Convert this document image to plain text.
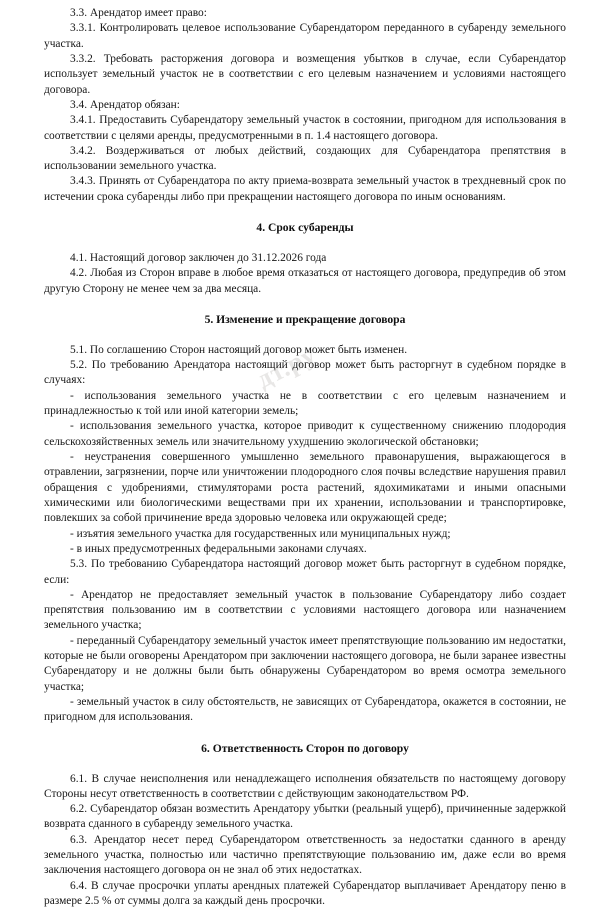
дт.ру

3.3. Арендатор имеет право:

3.3.1. Контролировать целевое использование Субарендатором переданного в субаренду земельного участка.

3.3.2. Требовать расторжения договора и возмещения убытков в случае, если Субарендатор использует земельный участок не в соответствии с его целевым назначением и условиями настоящего договора.

3.4. Арендатор обязан:

3.4.1. Предоставить Субарендатору земельный участок в состоянии, пригодном для использования в соответствии с целями аренды, предусмотренными в п. 1.4 настоящего договора.

3.4.2. Воздерживаться от любых действий, создающих для Субарендатора препятствия в использовании земельного участка.

3.4.3. Принять от Субарендатора по акту приема-возврата земельный участок в трехдневный срок по истечении срока субаренды либо при прекращении настоящего договора по иным основаниям.

4. Срок субаренды

4.1. Настоящий договор заключен до 31.12.2026 года

4.2. Любая из Сторон вправе в любое время отказаться от настоящего договора, предупредив об этом другую Сторону не менее чем за два месяца.

5. Изменение и прекращение договора

5.1. По соглашению Сторон настоящий договор может быть изменен.

5.2. По требованию Арендатора настоящий договор может быть расторгнут в судебном порядке в случаях:

- использования земельного участка не в соответствии с его целевым назначением и принадлежностью к той или иной категории земель;

- использования земельного участка, которое приводит к существенному снижению плодородия сельскохозяйственных земель или значительному ухудшению экологической обстановки;

- неустранения совершенного умышленно земельного правонарушения, выражающегося в отравлении, загрязнении, порче или уничтожении плодородного слоя почвы вследствие нарушения правил обращения с удобрениями, стимуляторами роста растений, ядохимикатами и иными опасными химическими или биологическими веществами при их хранении, использовании и транспортировке, повлекших за собой причинение вреда здоровью человека или окружающей среде;

- изъятия земельного участка для государственных или муниципальных нужд;

- в иных предусмотренных федеральными законами случаях.

5.3. По требованию Субарендатора настоящий договор может быть расторгнут в судебном порядке, если:

- Арендатор не предоставляет земельный участок в пользование Субарендатору либо создает препятствия пользованию им в соответствии с условиями настоящего договора или назначением земельного участка;

- переданный Субарендатору земельный участок имеет препятствующие пользованию им недостатки, которые не были оговорены Арендатором при заключении настоящего договора, не были заранее известны Субарендатору и не должны были быть обнаружены Субарендатором во время осмотра земельного участка;

- земельный участок в силу обстоятельств, не зависящих от Субарендатора, окажется в состоянии, не пригодном для использования.

6. Ответственность Сторон по договору

6.1. В случае неисполнения или ненадлежащего исполнения обязательств по настоящему договору Стороны несут ответственность в соответствии с действующим законодательством РФ.

6.2. Субарендатор обязан возместить Арендатору убытки (реальный ущерб), причиненные задержкой возврата сданного в субаренду земельного участка.

6.3. Арендатор несет перед Субарендатором ответственность за недостатки сданного в аренду земельного участка, полностью или частично препятствующие пользованию им, даже если во время заключения настоящего договора он не знал об этих недостатках.

6.4. В случае просрочки уплаты арендных платежей Субарендатор выплачивает Арендатору пеню в размере 2.5 % от суммы долга за каждый день просрочки.
